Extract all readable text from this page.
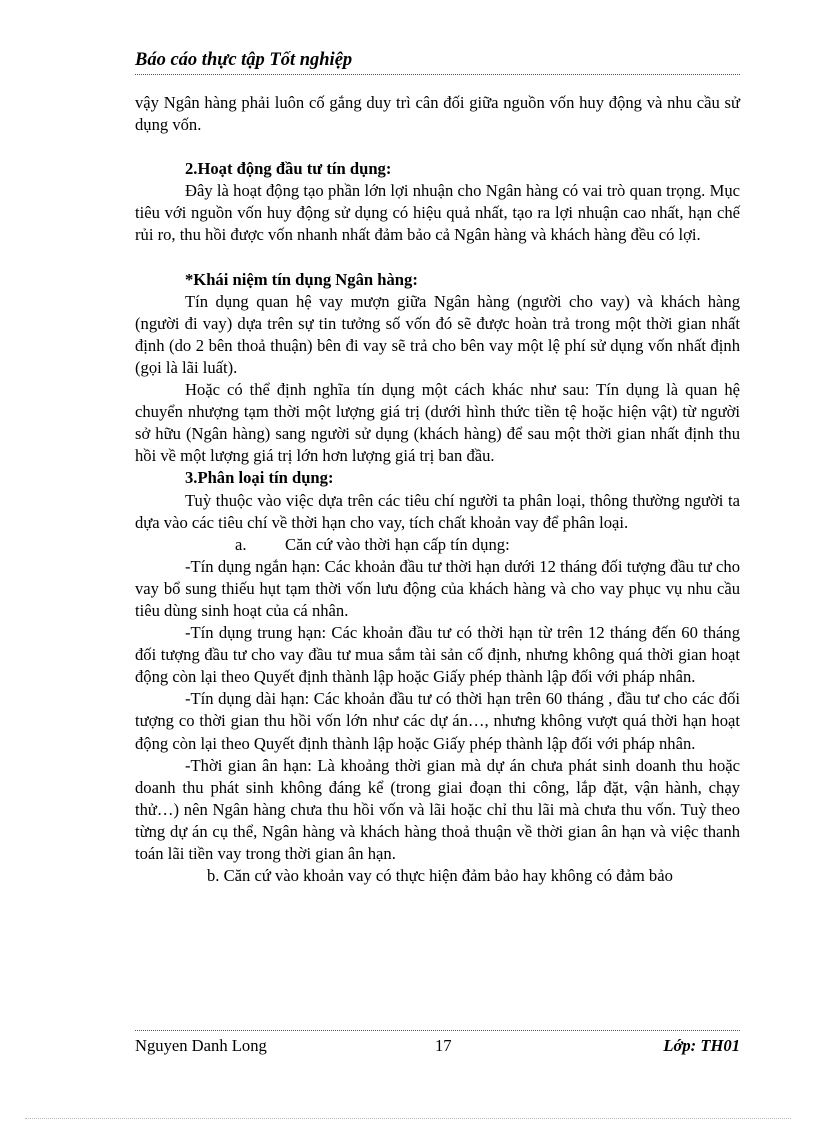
Báo cáo thực tập Tốt nghiệp

vậy Ngân hàng phải luôn cố gắng duy trì cân đối giữa nguồn vốn huy động và nhu cầu sử dụng vốn.

2.Hoạt động đầu tư tín dụng:

Đây là hoạt động tạo phần lớn lợi nhuận cho Ngân hàng có vai trò quan trọng. Mục tiêu với nguồn vốn huy động sử dụng có hiệu quả nhất, tạo ra lợi nhuận cao nhất, hạn chế rủi ro, thu hồi được vốn nhanh nhất đảm bảo cả Ngân hàng và khách hàng đều có lợi.

*Khái niệm tín dụng Ngân hàng:

Tín dụng quan hệ vay mượn giữa Ngân hàng (người cho vay) và khách hàng (người đi vay) dựa trên sự tin tưởng số vốn đó sẽ được hoàn trả trong một thời gian nhất định (do 2 bên thoả thuận) bên đi vay sẽ trả cho bên vay một lệ phí sử dụng vốn nhất định (gọi là lãi luất).

Hoặc có thể định nghĩa tín dụng một cách khác như sau: Tín dụng là quan hệ chuyển nhượng tạm thời một lượng giá trị (dưới hình thức tiền tệ hoặc hiện vật) từ người sở hữu (Ngân hàng) sang người sử dụng (khách hàng) để sau một thời gian nhất định thu hồi về một lượng giá trị lớn hơn lượng giá trị ban đầu.

3.Phân loại tín dụng:

Tuỳ thuộc vào việc dựa trên các tiêu chí người ta phân loại, thông thường người ta dựa vào các tiêu chí về thời hạn cho vay, tích chất khoản vay để phân loại.

a. Căn cứ vào thời hạn cấp tín dụng:

-Tín dụng ngắn hạn: Các khoản đầu tư thời hạn dưới 12 tháng đối tượng đầu tư cho vay bổ sung thiếu hụt tạm thời vốn lưu động của khách hàng và cho vay phục vụ nhu cầu tiêu dùng sinh hoạt của cá nhân.

-Tín dụng trung hạn: Các khoản đầu tư có thời hạn từ trên 12 tháng đến 60 tháng đối tượng đầu tư cho vay đầu tư mua sắm tài sản cố định, nhưng không quá thời gian hoạt động còn lại theo Quyết định thành lập hoặc Giấy phép thành lập đối với pháp nhân.

-Tín dụng dài hạn: Các khoản đầu tư có thời hạn trên 60 tháng , đầu tư cho các đối tượng co thời gian thu hồi vốn lớn như các dự án…, nhưng không vượt quá thời hạn hoạt động còn lại theo Quyết định thành lập hoặc Giấy phép thành lập đối với pháp nhân.

-Thời gian ân hạn: Là khoảng thời gian mà dự án chưa phát sinh doanh thu hoặc doanh thu phát sinh không đáng kể (trong giai đoạn thi công, lắp đặt, vận hành, chạy thử…) nên Ngân hàng chưa thu hồi vốn và lãi hoặc chỉ thu lãi mà chưa thu vốn. Tuỳ theo từng dự án cụ thể, Ngân hàng và khách hàng thoả thuận về thời gian ân hạn và việc thanh toán lãi tiền vay trong thời gian ân hạn.

b. Căn cứ vào khoản vay có thực hiện đảm bảo hay không có đảm bảo

Nguyen Danh Long	17	Lớp: TH01
